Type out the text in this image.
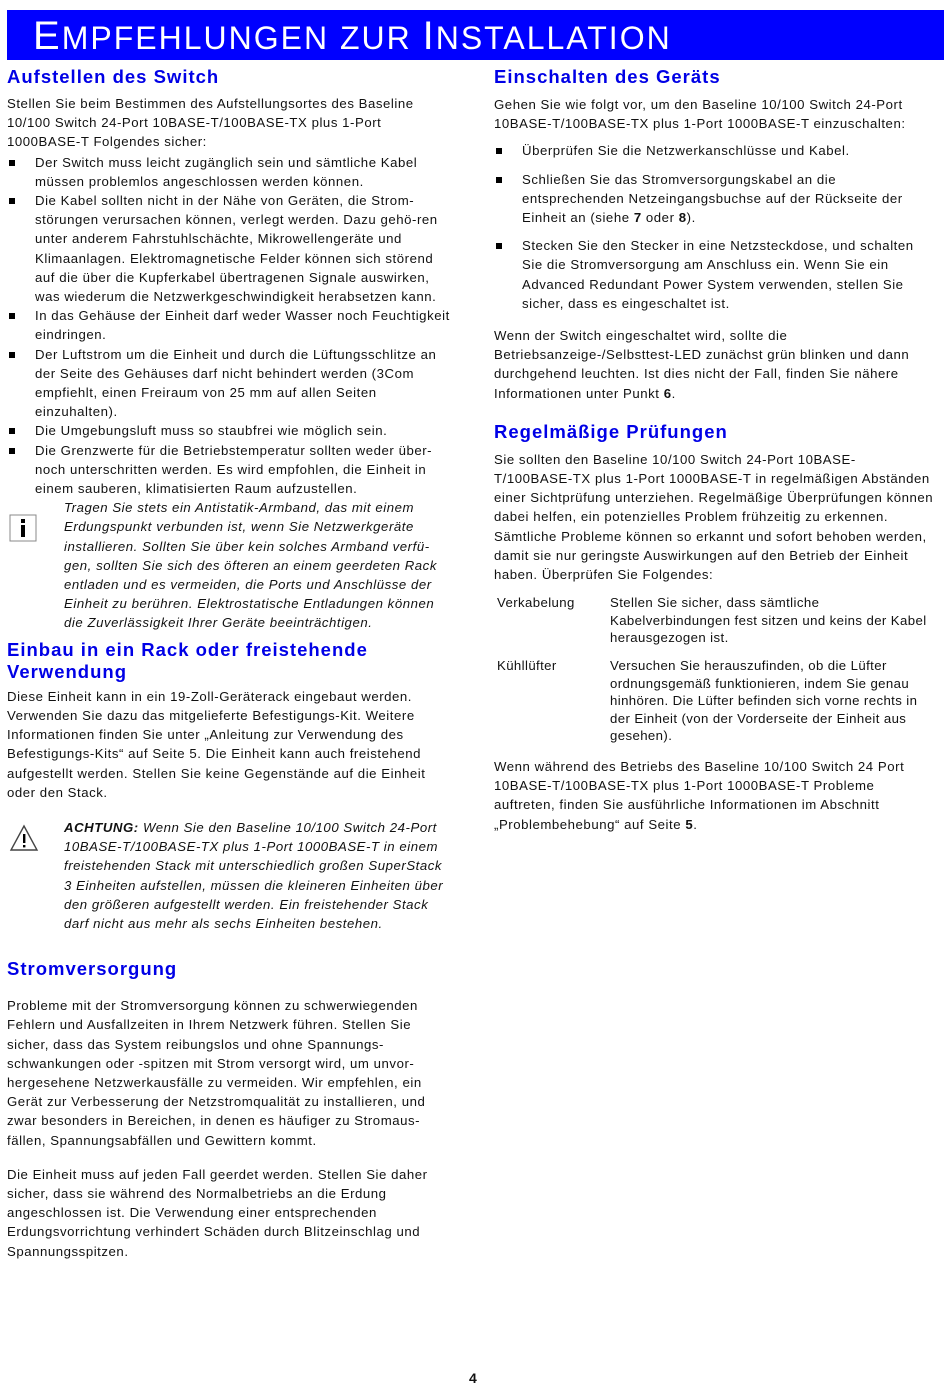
EMPFEHLUNGEN ZUR INSTALLATION
Aufstellen des Switch

Stellen Sie beim Bestimmen des Aufstellungsortes des Baseline 10/100 Switch 24-Port 10BASE-T/100BASE-TX plus 1-Port 1000BASE-T Folgendes sicher:

Der Switch muss leicht zugänglich sein und sämtliche Kabel müssen problemlos angeschlossen werden können.
Die Kabel sollten nicht in der Nähe von Geräten, die Strom-störungen verursachen können, verlegt werden. Dazu gehö-ren unter anderem Fahrstuhlschächte, Mikrowellengeräte und Klimaanlagen. Elektromagnetische Felder können sich störend auf die über die Kupferkabel übertragenen Signale auswirken, was wiederum die Netzwerkgeschwindigkeit herabsetzen kann.
In das Gehäuse der Einheit darf weder Wasser noch Feuchtigkeit eindringen.
Der Luftstrom um die Einheit und durch die Lüftungsschlitze an der Seite des Gehäuses darf nicht behindert werden (3Com empfiehlt, einen Freiraum von 25 mm auf allen Seiten einzuhalten).
Die Umgebungsluft muss so staubfrei wie möglich sein.
Die Grenzwerte für die Betriebstemperatur sollten weder über- noch unterschritten werden. Es wird empfohlen, die Einheit in einem sauberen, klimatisierten Raum aufzustellen.
Tragen Sie stets ein Antistatik-Armband, das mit einem Erdungspunkt verbunden ist, wenn Sie Netzwerkgeräte installieren. Sollten Sie über kein solches Armband verfü-gen, sollten Sie sich des öfteren an einem geerdeten Rack entladen und es vermeiden, die Ports und Anschlüsse der Einheit zu berühren. Elektrostatische Entladungen können die Zuverlässigkeit Ihrer Geräte beeinträchtigen.
Einbau in ein Rack oder freistehende Verwendung

Diese Einheit kann in ein 19-Zoll-Geräterack eingebaut werden. Verwenden Sie dazu das mitgelieferte Befestigungs-Kit. Weitere Informationen finden Sie unter „Anleitung zur Verwendung des Befestigungs-Kits“ auf Seite 5. Die Einheit kann auch freistehend aufgestellt werden. Stellen Sie keine Gegenstände auf die Einheit oder den Stack.

ACHTUNG: Wenn Sie den Baseline 10/100 Switch 24-Port 10BASE-T/100BASE-TX plus 1-Port 1000BASE-T in einem freistehenden Stack mit unterschiedlich großen SuperStack 3 Einheiten aufstellen, müssen die kleineren Einheiten über den größeren aufgestellt werden. Ein freistehender Stack darf nicht aus mehr als sechs Einheiten bestehen.
Stromversorgung

Probleme mit der Stromversorgung können zu schwerwiegenden Fehlern und Ausfallzeiten in Ihrem Netzwerk führen. Stellen Sie sicher, dass das System reibungslos und ohne Spannungs-schwankungen oder -spitzen mit Strom versorgt wird, um unvor-hergesehene Netzwerkausfälle zu vermeiden. Wir empfehlen, ein Gerät zur Verbesserung der Netzstromqualität zu installieren, und zwar besonders in Bereichen, in denen es häufiger zu Stromaus-fällen, Spannungsabfällen und Gewittern kommt.

Die Einheit muss auf jeden Fall geerdet werden. Stellen Sie daher sicher, dass sie während des Normalbetriebs an die Erdung angeschlossen ist. Die Verwendung einer entsprechenden Erdungsvorrichtung verhindert Schäden durch Blitzeinschlag und Spannungsspitzen.

Einschalten des Geräts

Gehen Sie wie folgt vor, um den Baseline 10/100 Switch 24-Port 10BASE-T/100BASE-TX plus 1-Port 1000BASE-T einzuschalten:

Überprüfen Sie die Netzwerkanschlüsse und Kabel.
Schließen Sie das Stromversorgungskabel an die entsprechenden Netzeingangsbuchse auf der Rückseite der Einheit an (siehe 7 oder 8).
Stecken Sie den Stecker in eine Netzsteckdose, und schalten Sie die Stromversorgung am Anschluss ein. Wenn Sie ein Advanced Redundant Power System verwenden, stellen Sie sicher, dass es eingeschaltet ist.

Wenn der Switch eingeschaltet wird, sollte die Betriebsanzeige-/Selbsttest-LED zunächst grün blinken und dann durchgehend leuchten. Ist dies nicht der Fall, finden Sie nähere Informationen unter Punkt 6.

Regelmäßige Prüfungen

Sie sollten den Baseline 10/100 Switch 24-Port 10BASE-T/100BASE-TX plus 1-Port 1000BASE-T in regelmäßigen Abständen einer Sichtprüfung unterziehen. Regelmäßige Überprüfungen können dabei helfen, ein potenzielles Problem frühzeitig zu erkennen. Sämtliche Probleme können so erkannt und sofort behoben werden, damit sie nur geringste Auswirkungen auf den Betrieb der Einheit haben. Überprüfen Sie Folgendes:

Verkabelung	Stellen Sie sicher, dass sämtliche Kabelverbindungen fest sitzen und keins der Kabel herausgezogen ist.
Kühllüfter	Versuchen Sie herauszufinden, ob die Lüfter ordnungsgemäß funktionieren, indem Sie genau hinhören. Die Lüfter befinden sich vorne rechts in der Einheit (von der Vorderseite der Einheit aus gesehen).

Wenn während des Betriebs des Baseline 10/100 Switch 24 Port 10BASE-T/100BASE-TX plus 1-Port 1000BASE-T Probleme auftreten, finden Sie ausführliche Informationen im Abschnitt „Problembehebung“ auf Seite 5.

4
